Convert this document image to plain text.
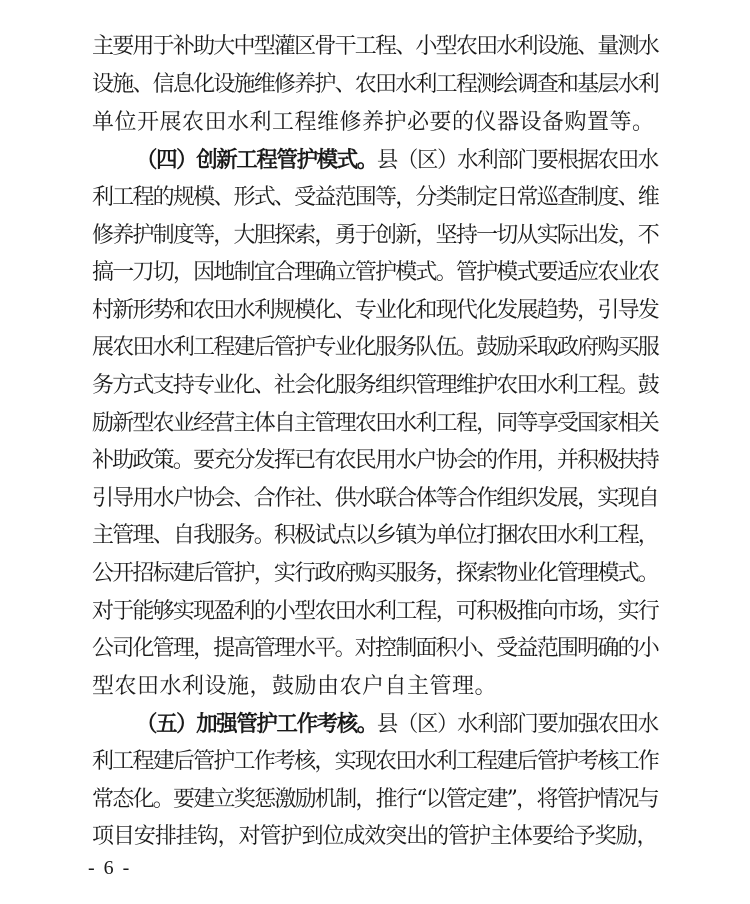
主要用于补助大中型灌区骨干工程、小型农田水利设施、量测水
设施、信息化设施维修养护、农田水利工程测绘调查和基层水利
单位开展农田水利工程维修养护必要的仪器设备购置等。
（四）创新工程管护模式。县（区）水利部门要根据农田水
利工程的规模、形式、受益范围等，分类制定日常巡查制度、维
修养护制度等，大胆探索，勇于创新，坚持一切从实际出发，不
搞一刀切，因地制宜合理确立管护模式。管护模式要适应农业农
村新形势和农田水利规模化、专业化和现代化发展趋势，引导发
展农田水利工程建后管护专业化服务队伍。鼓励采取政府购买服
务方式支持专业化、社会化服务组织管理维护农田水利工程。鼓
励新型农业经营主体自主管理农田水利工程，同等享受国家相关
补助政策。要充分发挥已有农民用水户协会的作用，并积极扶持
引导用水户协会、合作社、供水联合体等合作组织发展，实现自
主管理、自我服务。积极试点以乡镇为单位打捆农田水利工程，
公开招标建后管护，实行政府购买服务，探索物业化管理模式。
对于能够实现盈利的小型农田水利工程，可积极推向市场，实行
公司化管理，提高管理水平。对控制面积小、受益范围明确的小
型农田水利设施，鼓励由农户自主管理。
（五）加强管护工作考核。县（区）水利部门要加强农田水
利工程建后管护工作考核，实现农田水利工程建后管护考核工作
常态化。要建立奖惩激励机制，推行“以管定建”，将管护情况与
项目安排挂钩，对管护到位成效突出的管护主体要给予奖励，
- 6 -
